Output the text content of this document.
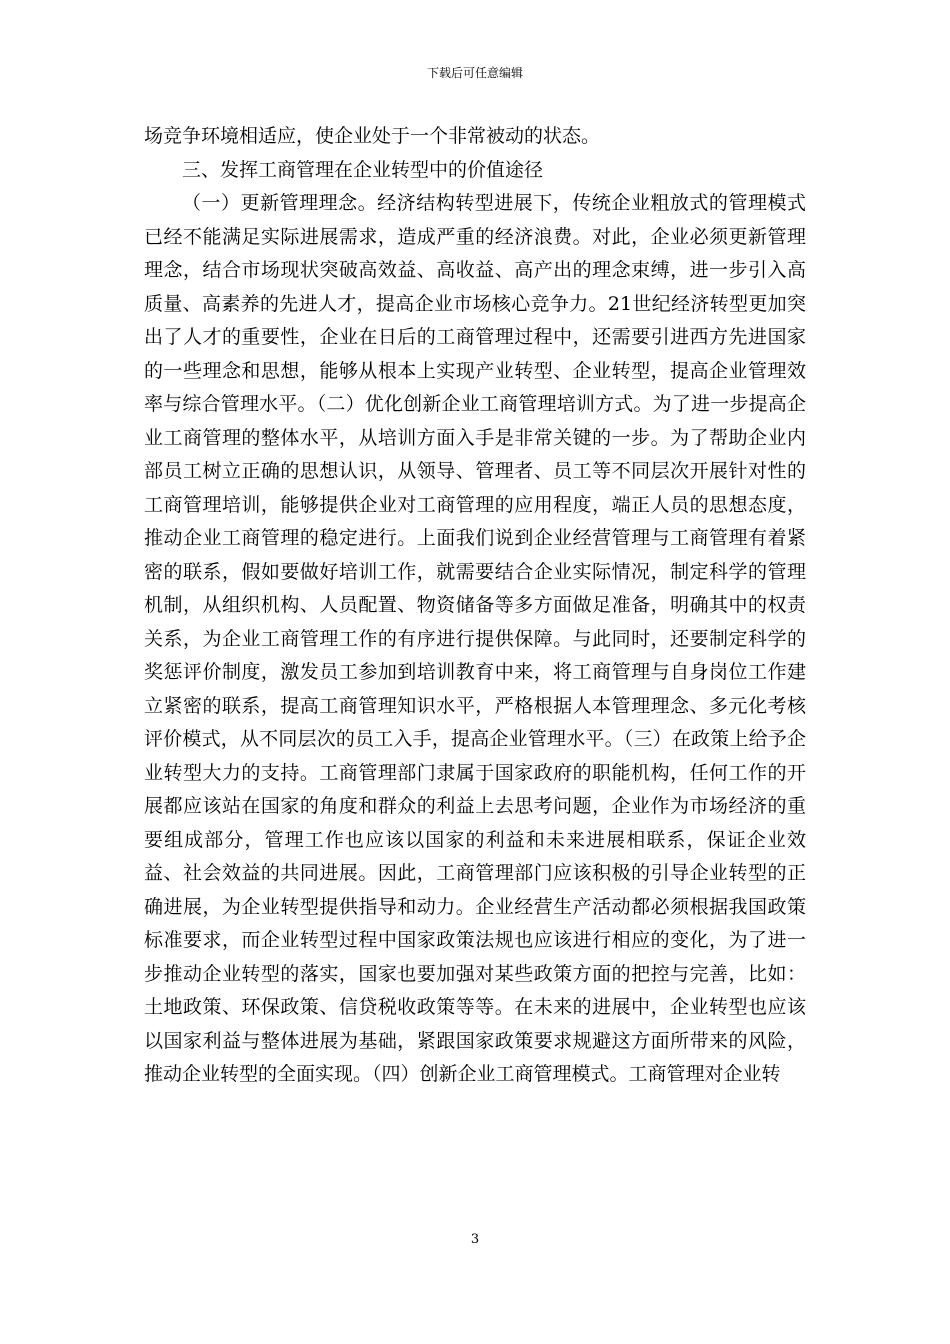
下载后可任意编辑

场竞争环境相适应，使企业处于一个非常被动的状态。

三、发挥工商管理在企业转型中的价值途径

（一）更新管理理念。经济结构转型进展下，传统企业粗放式的管理模式已经不能满足实际进展需求，造成严重的经济浪费。对此，企业必须更新管理理念，结合市场现状突破高效益、高收益、高产出的理念束缚，进一步引入高质量、高素养的先进人才，提高企业市场核心竞争力。21世纪经济转型更加突出了人才的重要性，企业在日后的工商管理过程中，还需要引进西方先进国家的一些理念和思想，能够从根本上实现产业转型、企业转型，提高企业管理效率与综合管理水平。（二）优化创新企业工商管理培训方式。为了进一步提高企业工商管理的整体水平，从培训方面入手是非常关键的一步。为了帮助企业内部员工树立正确的思想认识，从领导、管理者、员工等不同层次开展针对性的工商管理培训，能够提供企业对工商管理的应用程度，端正人员的思想态度，推动企业工商管理的稳定进行。上面我们说到企业经营管理与工商管理有着紧密的联系，假如要做好培训工作，就需要结合企业实际情况，制定科学的管理机制，从组织机构、人员配置、物资储备等多方面做足准备，明确其中的权责关系，为企业工商管理工作的有序进行提供保障。与此同时，还要制定科学的奖惩评价制度，激发员工参加到培训教育中来，将工商管理与自身岗位工作建立紧密的联系，提高工商管理知识水平，严格根据人本管理理念、多元化考核评价模式，从不同层次的员工入手，提高企业管理水平。（三）在政策上给予企业转型大力的支持。工商管理部门隶属于国家政府的职能机构，任何工作的开展都应该站在国家的角度和群众的利益上去思考问题，企业作为市场经济的重要组成部分，管理工作也应该以国家的利益和未来进展相联系，保证企业效益、社会效益的共同进展。因此，工商管理部门应该积极的引导企业转型的正确进展，为企业转型提供指导和动力。企业经营生产活动都必须根据我国政策标准要求，而企业转型过程中国家政策法规也应该进行相应的变化，为了进一步推动企业转型的落实，国家也要加强对某些政策方面的把控与完善，比如：土地政策、环保政策、信贷税收政策等等。在未来的进展中，企业转型也应该以国家利益与整体进展为基础，紧跟国家政策要求规避这方面所带来的风险，推动企业转型的全面实现。（四）创新企业工商管理模式。工商管理对企业转

3
